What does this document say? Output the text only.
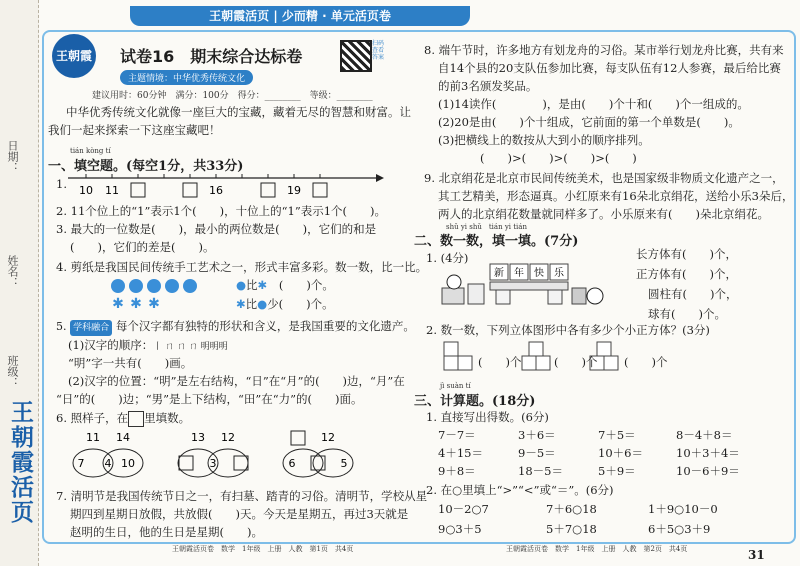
日期：
姓名：
班级：
王朝霞活页
王朝霞活页 | 少而精 · 单元活页卷
王朝霞 试卷16　期末综合达标卷
主题情境：中华优秀传统文化
扫码查看答案
建议用时：60分钟　满分：100分　得分：________　等级：________
中华优秀传统文化就像一座巨大的宝藏，藏着无尽的智慧和财富。让
我们一起来探索一下这座宝藏吧！
tián kòng tí
一、填空题。(每空1分，共33分)
1. 10 11	16	19
2. 11个位上的“1”表示1个(　　)，十位上的“1”表示1个(　　)。
3. 最大的一位数是(　　)，最小的两位数是(　　)，它们的和是
(　　)，它们的差是(　　)。
4. 剪纸是我国民间传统手工艺术之一，形式丰富多彩。数一数，比一比。
✱ ✱ ✱
●比✱ (　　)个。
✱比●少(　　)个。
5. 学科融合 每个汉字都有独特的形状和含义，是我国重要的文化遗产。
(1)汉字的顺序：丨 ㄇ ㄇ ㄇ 明明明
“明”字一共有(　　)画。
(2)汉字的位置：“明”是左右结构，“日”在“月”的(　　)边，“月”在
“日”的(　　)边；“男”是上下结构，“田”在“力”的(　　)面。
6. 照样子，在 里填数。
11 14
7 4 10
13 12
3
12
6	5
7. 清明节是我国传统节日之一，有扫墓、踏青的习俗。清明节，学校从星
期四到星期日放假，共放假(　　)天。今天是星期五，再过3天就是
赵明的生日，他的生日是星期(　　)。
王朝霞活页卷　数学　1年级　上册　人教　第1页　共4页
8. 端午节时，许多地方有划龙舟的习俗。某市举行划龙舟比赛，共有来
自14个县的20支队伍参加比赛，每支队伍有12人参赛，最后给比赛
的前3名颁发奖品。
(1)14读作(　　　　)，是由(　　)个十和(　　)个一组成的。
(2)20是由(　　)个十组成，它前面的第一个单数是(　　)。
(3)把横线上的数按从大到小的顺序排列。
(　　)>(　　)>(　　)>(　　)
9. 北京绢花是北京市民间传统美术，也是国家级非物质文化遗产之一，
其工艺精美，形态逼真。小红原来有16朵北京绢花，送给小乐3朵后，
两人的北京绢花数量就同样多了。小乐原来有(　　)朵北京绢花。
shǔ yi shǔ　tián yi tián
二、数一数，填一填。(7分)
1. (4分)
新 年 快 乐
长方体有(　　)个，
正方体有(　　)个，
圆柱有(　　)个，
球有(　　)个。
2. 数一数，下列立体图形中各有多少个小正方体？(3分)
(　　)个	(　　)个 (　　)个
jì suàn tí
三、计算题。(18分)
1. 直接写出得数。(6分)
7－7＝	3＋6＝	7＋5＝	8－4＋8＝
4＋15＝	9－5＝	10＋6＝	10＋3＋4＝
9＋8＝	18－5＝	5＋9＝	10－6＋9＝
2. 在○里填上“>”“<”或“＝”。(6分)
10－2○7	7＋6○18	1＋9○10－0
9○3＋5	5＋7○18	6＋5○3＋9
王朝霞活页卷　数学　1年级　上册　人教　第2页　共4页	31
